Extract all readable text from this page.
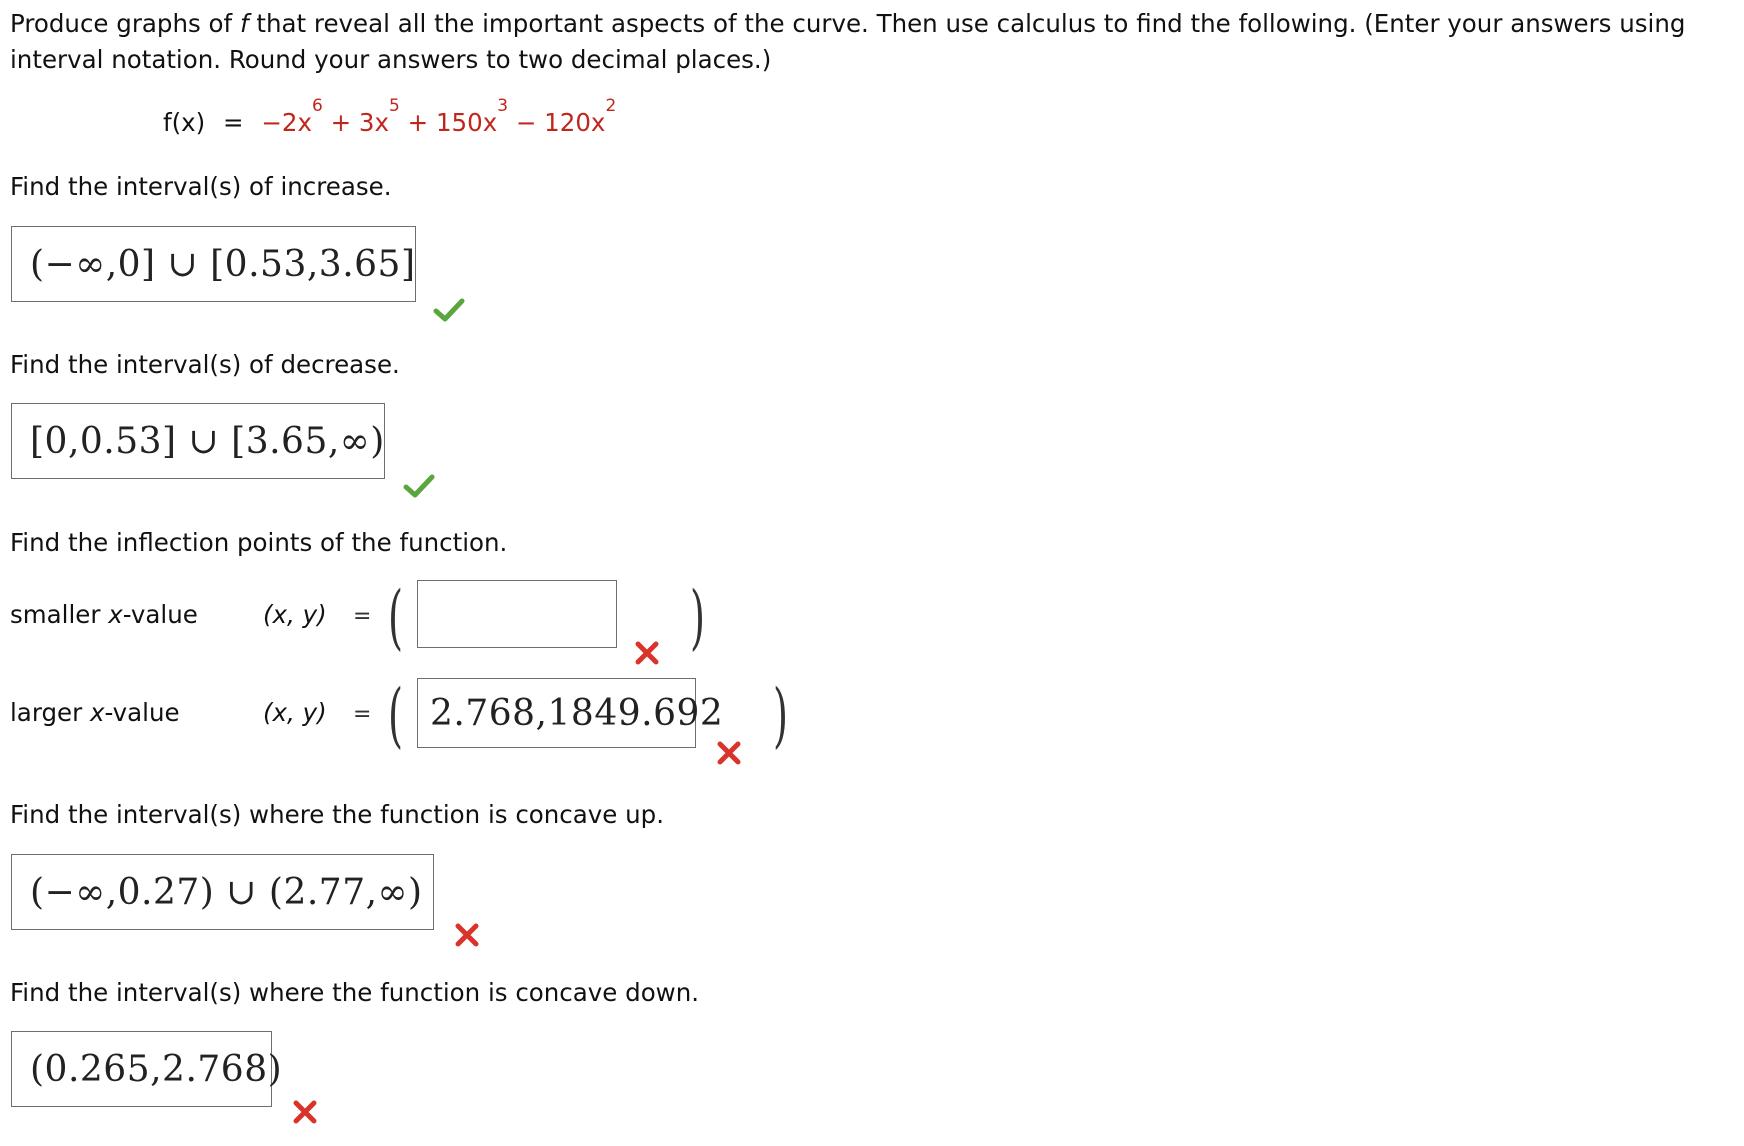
Produce graphs of f that reveal all the important aspects of the curve. Then use calculus to find the following. (Enter your answers using interval notation. Round your answers to two decimal places.)
$f(x) = -2x^6 + 3x^5 + 150x^3 - 120x^2$
Find the interval(s) of increase.
(−∞,0] ∪ [0.53,3.65]
Find the interval(s) of decrease.
[0,0.53] ∪ [3.65,∞)
Find the inflection points of the function.
smaller x-value	(x, y) = (	)
larger x-value	(x, y) = ( 2.768,1849.692 )
Find the interval(s) where the function is concave up.
(−∞,0.27) ∪ (2.77,∞)
Find the interval(s) where the function is concave down.
(0.265,2.768)
